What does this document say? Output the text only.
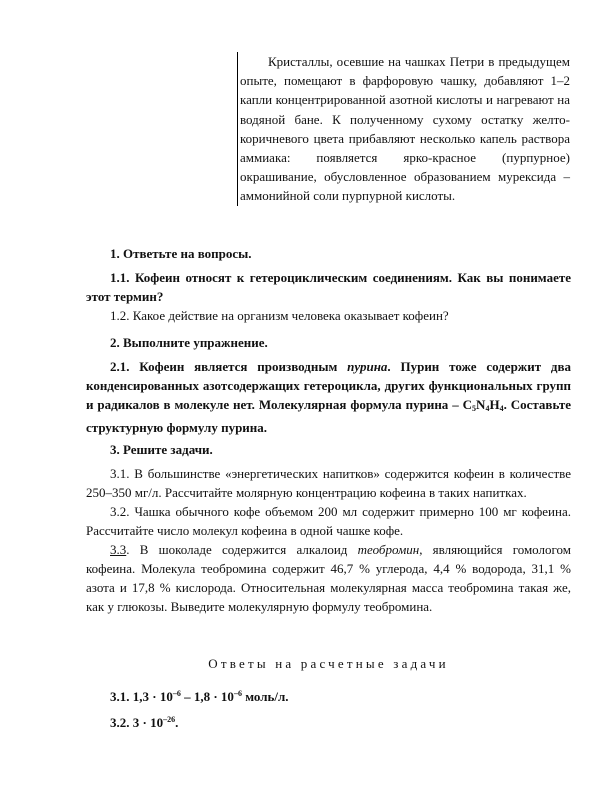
Кристаллы, осевшие на чашках Петри в предыдущем опыте, помещают в фарфоровую чашку, добавляют 1–2 капли концентрированной азотной кислоты и нагревают на водяной бане. К полученному сухому остатку желто-коричневого цвета прибавляют несколько капель раствора аммиака: появляется ярко-красное (пурпурное) окрашивание, обусловленное образованием мурексида – аммонийной соли пурпурной кислоты.

1. Ответьте на вопросы.

1.1. Кофеин относят к гетероциклическим соединениям. Как вы понимаете этот термин?

1.2. Какое действие на организм человека оказывает кофеин?

2. Выполните упражнение.

2.1. Кофеин является производным пурина. Пурин тоже содержит два конденсированных азотсодержащих гетероцикла, других функциональных групп и радикалов в молекуле нет. Молекулярная формула пурина – $C_5N_4H_4$. Составьте структурную формулу пурина.

3. Решите задачи.

3.1. В большинстве «энергетических напитков» содержится кофеин в количестве 250–350 мг/л. Рассчитайте молярную концентрацию кофеина в таких напитках.

3.2. Чашка обычного кофе объемом 200 мл содержит примерно 100 мг кофеина. Рассчитайте число молекул кофеина в одной чашке кофе.

3.3. В шоколаде содержится алкалоид теобромин, являющийся гомологом кофеина. Молекула теобромина содержит 46,7 % углерода, 4,4 % водорода, 31,1 % азота и 17,8 % кислорода. Относительная молекулярная масса теобромина такая же, как у глюкозы. Выведите молекулярную формулу теобромина.

Ответы на расчетные задачи

3.1. $1,3 \cdot 10^{-6} - 1,8 \cdot 10^{-6}$ моль/л.

3.2. $3 \cdot 10^{-26}$.
